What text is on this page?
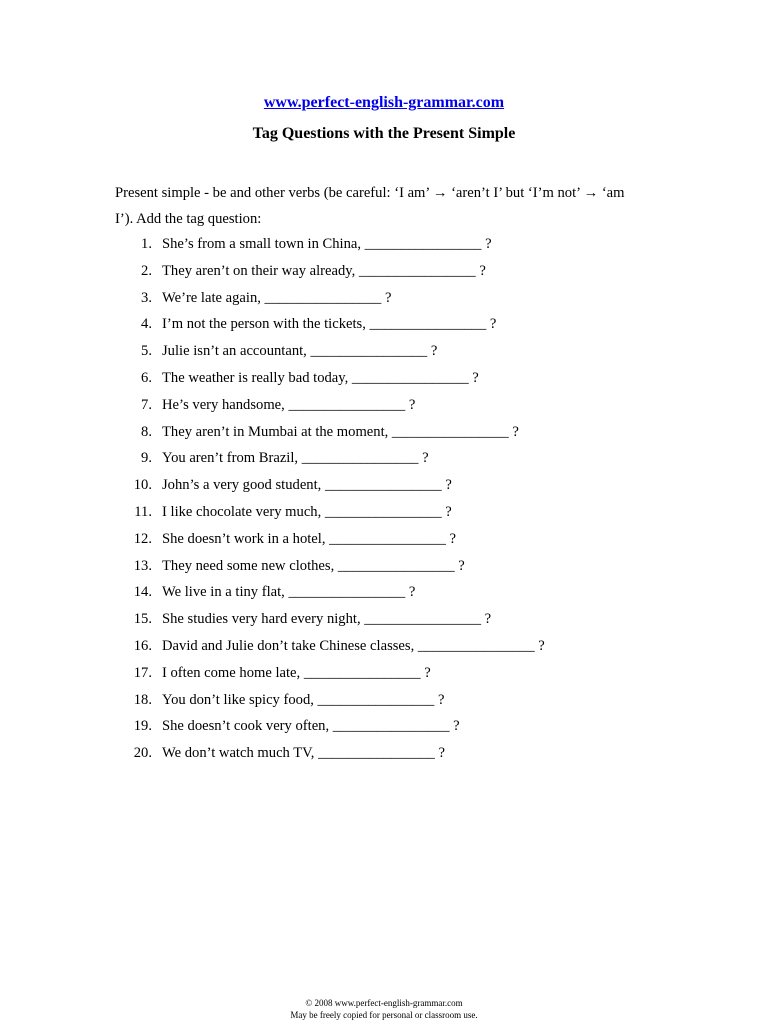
www.perfect-english-grammar.com
Tag Questions with the Present Simple
Present simple - be and other verbs (be careful: ‘I am’ → ‘aren’t I’ but ‘I’m not’ → ‘am I’). Add the tag question:
1. She’s from a small town in China, ________________ ?
2. They aren’t on their way already, ________________ ?
3. We’re late again, ________________ ?
4. I’m not the person with the tickets, ________________ ?
5. Julie isn’t an accountant, ________________ ?
6. The weather is really bad today, ________________ ?
7. He’s very handsome, ________________ ?
8. They aren’t in Mumbai at the moment, ________________ ?
9. You aren’t from Brazil, ________________ ?
10. John’s a very good student, ________________ ?
11. I like chocolate very much, ________________ ?
12. She doesn’t work in a hotel, ________________ ?
13. They need some new clothes, ________________ ?
14. We live in a tiny flat, ________________ ?
15. She studies very hard every night, ________________ ?
16. David and Julie don’t take Chinese classes, ________________ ?
17. I often come home late, ________________ ?
18. You don’t like spicy food, ________________ ?
19. She doesn’t cook very often, ________________ ?
20. We don’t watch much TV, ________________ ?
© 2008 www.perfect-english-grammar.com
May be freely copied for personal or classroom use.
